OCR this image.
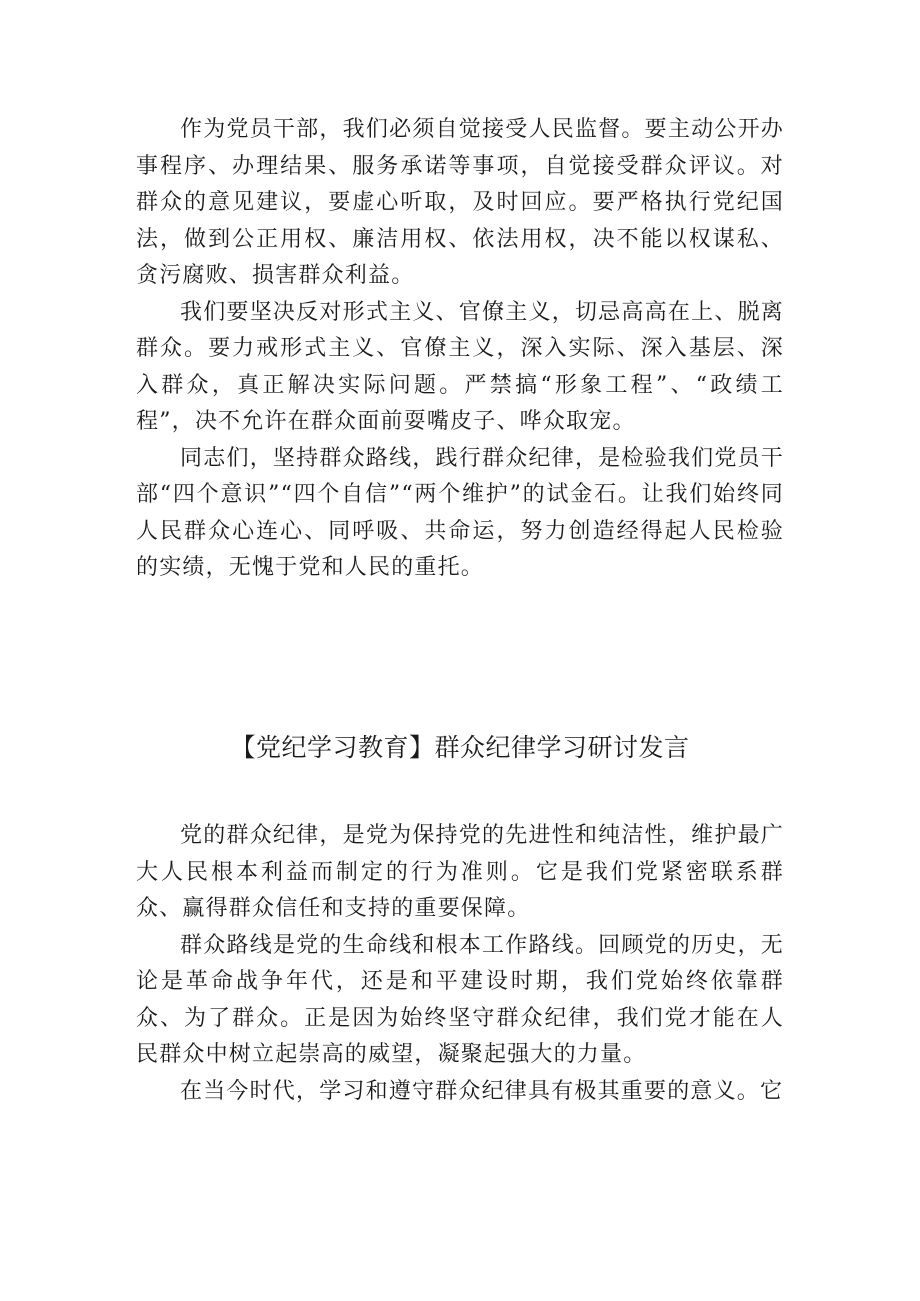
作为党员干部，我们必须自觉接受人民监督。要主动公开办事程序、办理结果、服务承诺等事项，自觉接受群众评议。对群众的意见建议，要虚心听取，及时回应。要严格执行党纪国法，做到公正用权、廉洁用权、依法用权，决不能以权谋私、贪污腐败、损害群众利益。

我们要坚决反对形式主义、官僚主义，切忌高高在上、脱离群众。要力戒形式主义、官僚主义，深入实际、深入基层、深入群众，真正解决实际问题。严禁搞“形象工程”、“政绩工程”，决不允许在群众面前耍嘴皮子、哗众取宠。

同志们，坚持群众路线，践行群众纪律，是检验我们党员干部“四个意识”“四个自信”“两个维护”的试金石。让我们始终同人民群众心连心、同呼吸、共命运，努力创造经得起人民检验的实绩，无愧于党和人民的重托。

【党纪学习教育】群众纪律学习研讨发言

党的群众纪律，是党为保持党的先进性和纯洁性，维护最广大人民根本利益而制定的行为准则。它是我们党紧密联系群众、赢得群众信任和支持的重要保障。

群众路线是党的生命线和根本工作路线。回顾党的历史，无论是革命战争年代，还是和平建设时期，我们党始终依靠群众、为了群众。正是因为始终坚守群众纪律，我们党才能在人民群众中树立起崇高的威望，凝聚起强大的力量。

在当今时代，学习和遵守群众纪律具有极其重要的意义。它
